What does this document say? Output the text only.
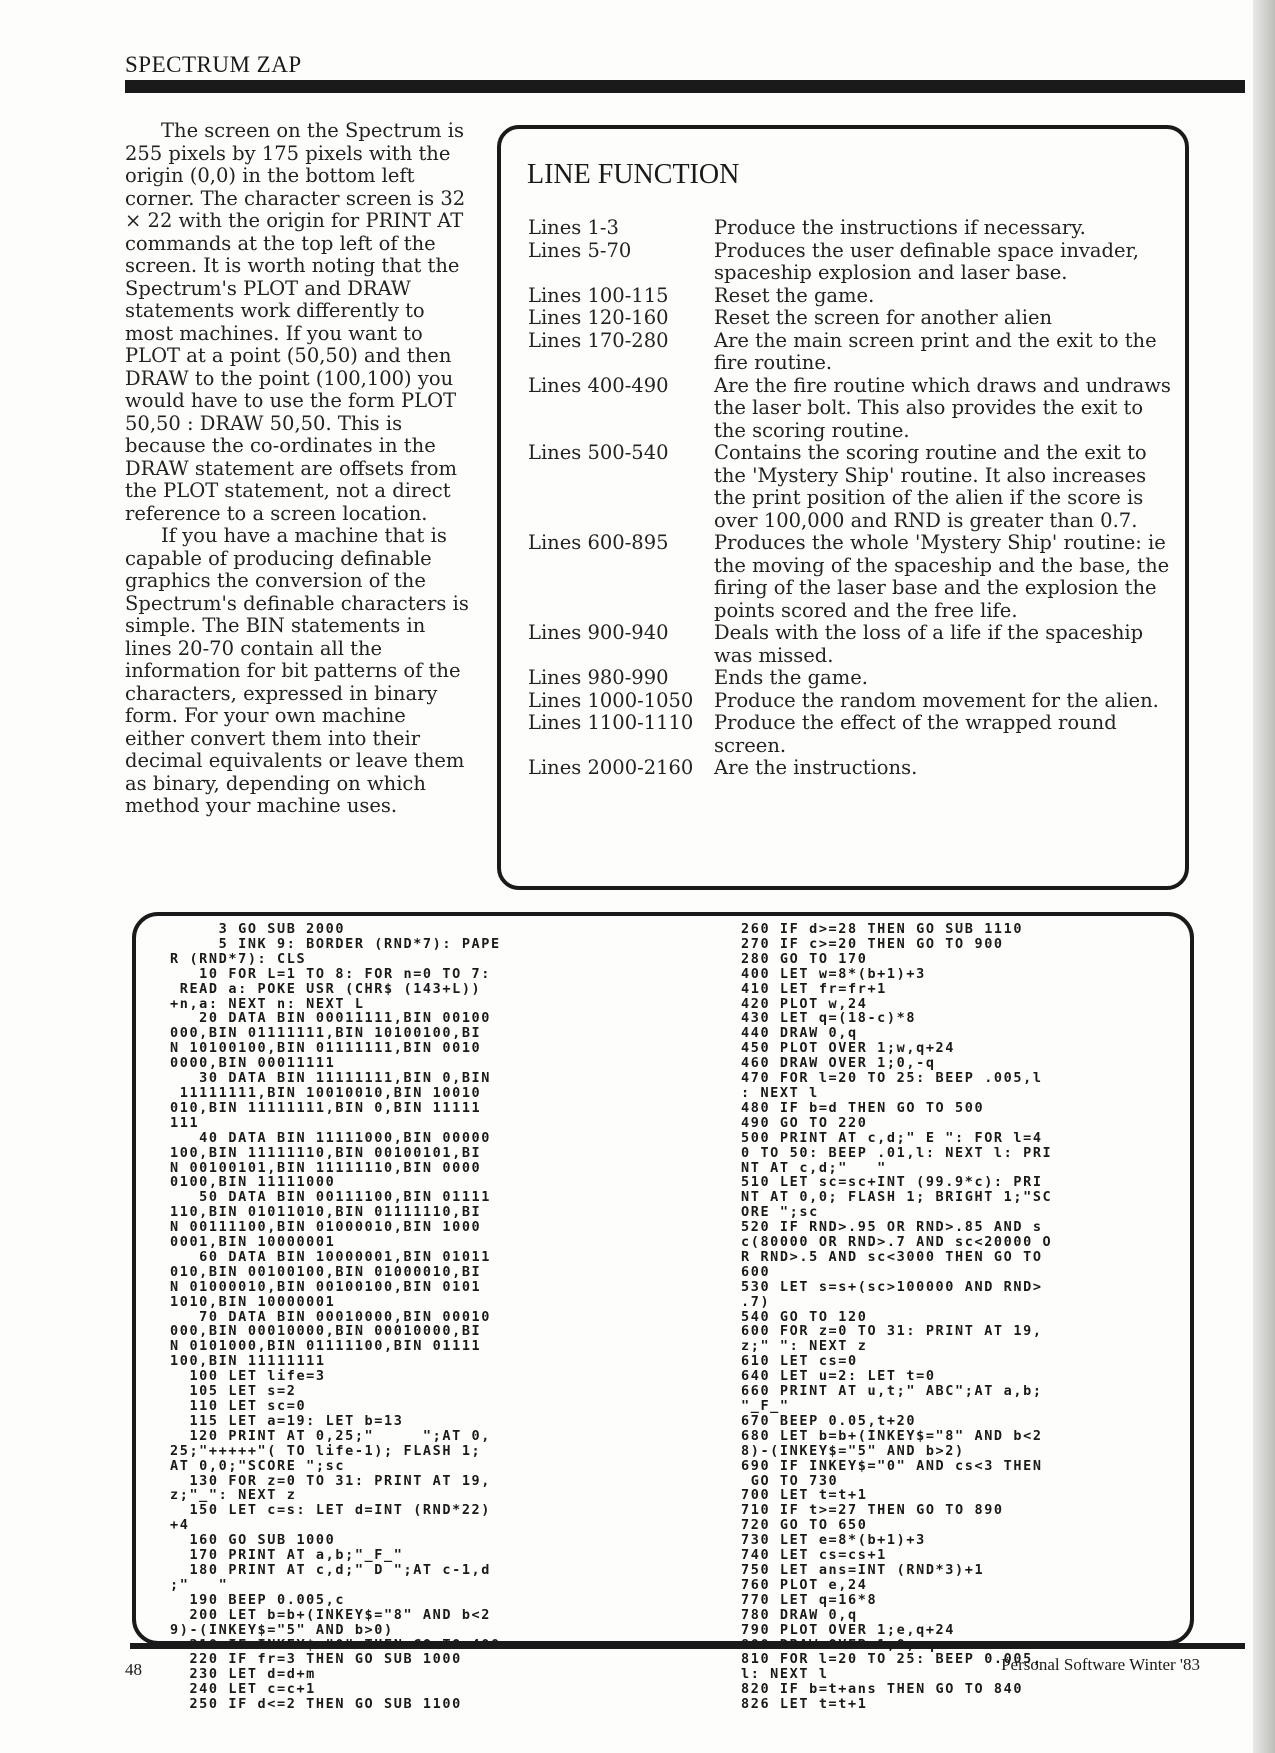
SPECTRUM ZAP

The screen on the Spectrum is 255 pixels by 175 pixels with the origin (0,0) in the bottom left corner. The character screen is 32 × 22 with the origin for PRINT AT commands at the top left of the screen. It is worth noting that the Spectrum's PLOT and DRAW statements work differently to most machines. If you want to PLOT at a point (50,50) and then DRAW to the point (100,100) you would have to use the form PLOT 50,50 : DRAW 50,50. This is because the co-ordinates in the DRAW statement are offsets from the PLOT statement, not a direct reference to a screen location.

If you have a machine that is capable of producing definable graphics the conversion of the Spectrum's definable characters is simple. The BIN statements in lines 20-70 contain all the information for bit patterns of the characters, expressed in binary form. For your own machine either convert them into their decimal equivalents or leave them as binary, depending on which method your machine uses.

LINE FUNCTION
Lines 1-3	Produce the instructions if necessary.
Lines 5-70	Produces the user definable space invader, spaceship explosion and laser base.
Lines 100-115	Reset the game.
Lines 120-160	Reset the screen for another alien
Lines 170-280	Are the main screen print and the exit to the fire routine.
Lines 400-490	Are the fire routine which draws and undraws the laser bolt. This also provides the exit to the scoring routine.
Lines 500-540	Contains the scoring routine and the exit to the 'Mystery Ship' routine. It also increases the print position of the alien if the score is over 100,000 and RND is greater than 0.7.
Lines 600-895	Produces the whole 'Mystery Ship' routine: ie the moving of the spaceship and the base, the firing of the laser base and the explosion the points scored and the free life.
Lines 900-940	Deals with the loss of a life if the spaceship was missed.
Lines 980-990	Ends the game.
Lines 1000-1050	Produce the random movement for the alien.
Lines 1100-1110	Produce the effect of the wrapped round screen.
Lines 2000-2160	Are the instructions.
3 GO SUB 2000
5 INK 9: BORDER (RND*7): PAPE
R (RND*7): CLS
10 FOR L=1 TO 8: FOR n=0 TO 7:
READ a: POKE USR (CHR$ (143+L))
+n,a: NEXT n: NEXT L
20 DATA BIN 00011111,BIN 00100
000,BIN 01111111,BIN 10100100,BI
N 10100100,BIN 01111111,BIN 0010
0000,BIN 00011111
30 DATA BIN 11111111,BIN 0,BIN
11111111,BIN 10010010,BIN 10010
010,BIN 11111111,BIN 0,BIN 11111
111
40 DATA BIN 11111000,BIN 00000
100,BIN 11111110,BIN 00100101,BI
N 00100101,BIN 11111110,BIN 0000
0100,BIN 11111000
50 DATA BIN 00111100,BIN 01111
110,BIN 01011010,BIN 01111110,BI
N 00111100,BIN 01000010,BIN 1000
0001,BIN 10000001
60 DATA BIN 10000001,BIN 01011
010,BIN 00100100,BIN 01000010,BI
N 01000010,BIN 00100100,BIN 0101
1010,BIN 10000001
70 DATA BIN 00010000,BIN 00010
000,BIN 00010000,BIN 00010000,BI
N 0101000,BIN 01111100,BIN 01111
100,BIN 11111111
100 LET life=3
105 LET s=2
110 LET sc=0
115 LET a=19: LET b=13
120 PRINT AT 0,25;"     ";AT 0,
25;"+++++"( TO life-1); FLASH 1;
AT 0,0;"SCORE ";sc
130 FOR z=0 TO 31: PRINT AT 19,
z;"_": NEXT z
150 LET c=s: LET d=INT (RND*22)
+4
160 GO SUB 1000
170 PRINT AT a,b;"_F_"
180 PRINT AT c,d;" D ";AT c-1,d
;"   "
190 BEEP 0.005,c
200 LET b=b+(INKEY$="8" AND b<2
9)-(INKEY$="5" AND b>0)
220 IF fr=3 THEN GO SUB 1000
230 LET d=d+m
240 LET c=c+1
250 IF d<=2 THEN GO SUB 1100
260 IF d>=28 THEN GO SUB 1110
270 IF c>=20 THEN GO TO 900
280 GO TO 170
400 LET w=8*(b+1)+3
410 LET fr=fr+1
420 PLOT w,24
430 LET q=(18-c)*8
440 DRAW 0,q
450 PLOT OVER 1;w,q+24
460 DRAW OVER 1;0,-q
470 FOR l=20 TO 25: BEEP .005,l
: NEXT l
480 IF b=d THEN GO TO 500
490 GO TO 220
500 PRINT AT c,d;" E ": FOR l=4
0 TO 50: BEEP .01,l: NEXT l: PRI
NT AT c,d;"   "
510 LET sc=sc+INT (99.9*c): PRI
NT AT 0,0; FLASH 1; BRIGHT 1;"SC
ORE ";sc
520 IF RND>.95 OR RND>.85 AND s
c(80000 OR RND>.7 AND sc<20000 O
R RND>.5 AND sc<3000 THEN GO TO
600
530 LET s=s+(sc>100000 AND RND>
.7)
540 GO TO 120
600 FOR z=0 TO 31: PRINT AT 19,
z;" ": NEXT z
610 LET cs=0
640 LET u=2: LET t=0
660 PRINT AT u,t;" ABC";AT a,b;
"_F_"
670 BEEP 0.05,t+20
680 LET b=b+(INKEY$="8" AND b<2
8)-(INKEY$="5" AND b>2)
690 IF INKEY$="0" AND cs<3 THEN
GO TO 730
700 LET t=t+1
710 IF t>=27 THEN GO TO 890
720 GO TO 650
730 LET e=8*(b+1)+3
740 LET cs=cs+1
750 LET ans=INT (RND*3)+1
760 PLOT e,24
770 LET q=16*8
780 DRAW 0,q
790 PLOT OVER 1;e,q+24
810 FOR l=20 TO 25: BEEP 0.005,
l: NEXT l
820 IF b=t+ans THEN GO TO 840
826 LET t=t+1
48	Personal Software Winter '83
